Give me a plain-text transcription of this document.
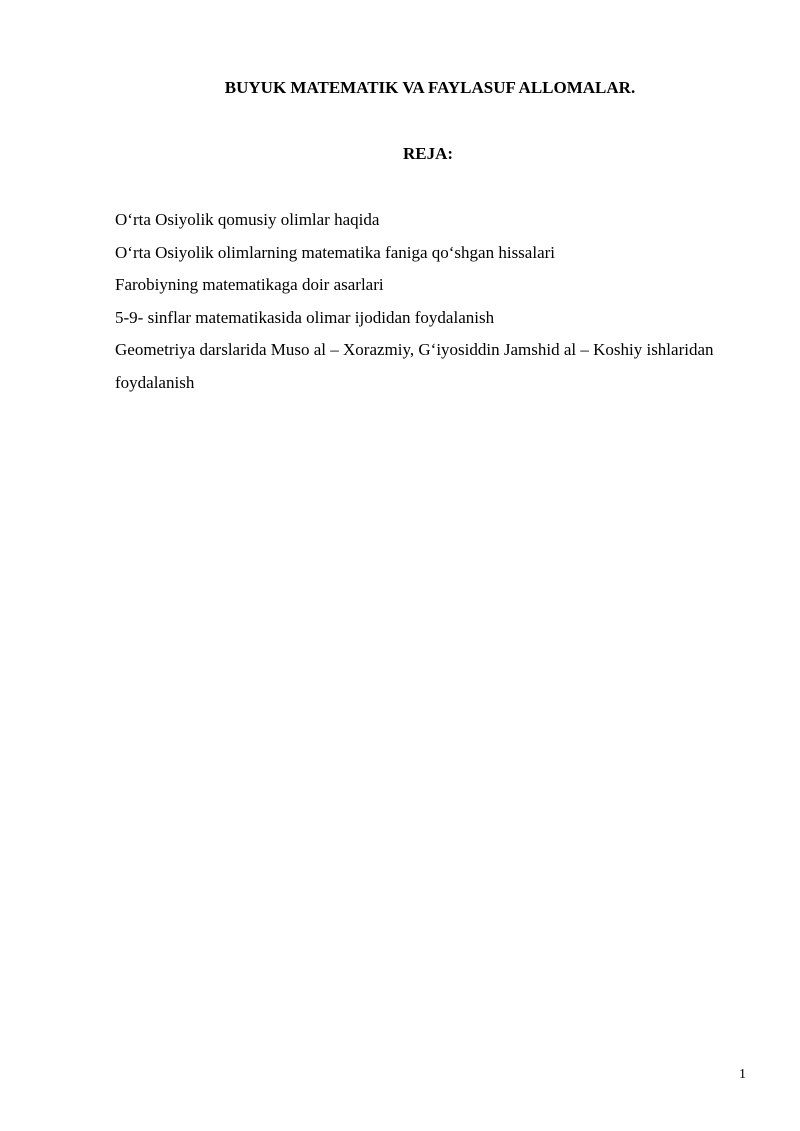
BUYUK MATEMATIK VA FAYLASUF ALLOMALAR.
REJA:
O‘rta Osiyolik qomusiy olimlar haqida
O‘rta Osiyolik olimlarning matematika faniga qo‘shgan hissalari
Farobiyning matematikaga doir asarlari
5-9- sinflar matematikasida olimar ijodidan foydalanish
Geometriya darslarida Muso al – Xorazmiy, G‘iyosiddin Jamshid al – Koshiy ishlaridan foydalanish
1
